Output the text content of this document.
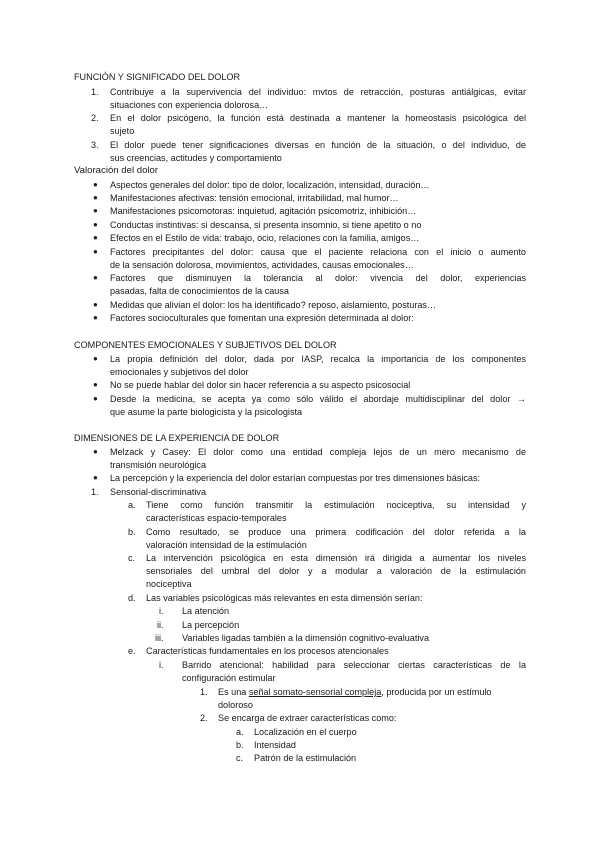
FUNCIÓN Y SIGNIFICADO DEL DOLOR
1. Contribuye a la supervivencia del individuo: mvtos de retracción, posturas antiálgicas, evitar
situaciones con experiencia dolorosa…
2. En el dolor psicógeno, la función está destinada a mantener la homeostasis psicológica del
sujeto
3. El dolor puede tener significaciones diversas en función de la situación, o del individuo, de
sus creencias, actitudes y comportamiento
Valoración del dolor
● Aspectos generales del dolor: tipo de dolor, localización, intensidad, duración…
● Manifestaciones afectivas: tensión emocional, irritabilidad, mal humor…
● Manifestaciones psicomotoras: inquietud, agitación psicomotriz, inhibición…
● Conductas instintivas: si descansa, si presenta insomnio, si tiene apetito o no
● Efectos en el Estilo de vida: trabajo, ocio, relaciones con la familia, amigos…
● Factores precipitantes del dolor: causa que el paciente relaciona con el inicio o aumento
de la sensación dolorosa, movimientos, actividades, causas emocionales…
● Factores que disminuyen la tolerancia al dolor: vivencia del dolor, experiencias
pasadas, falta de conocimientos de la causa
● Medidas que alivian el dolor: los ha identificado? reposo, aislamiento, posturas…
● Factores socioculturales que fomentan una expresión determinada al dolor:
COMPONENTES EMOCIONALES Y SUBJETIVOS DEL DOLOR
● La propia definición del dolor, dada por IASP, recalca la importancia de los componentes
emocionales y subjetivos del dolor
● No se puede hablar del dolor sin hacer referencia a su aspecto psicosocial
● Desde la medicina, se acepta ya como sólo válido el abordaje multidisciplinar del dolor →
que asume la parte biologicista y la psicologista
DIMENSIONES DE LA EXPERIENCIA DE DOLOR
● Melzack y Casey: El dolor como una entidad compleja lejos de un mero mecanismo de
transmisión neurológica
● La percepción y la experiencia del dolor estarían compuestas por tres dimensiones básicas:
1. Sensorial-discriminativa
a. Tiene como función transmitir la estimulación nociceptiva, su intensidad y
características espacio-temporales
b. Como resultado, se produce una primera codificación del dolor referida a la
valoración intensidad de la estimulación
c. La intervención psicológica en esta dimensión irá dirigida a aumentar los niveles
sensoriales del umbral del dolor y a modular a valoración de la estimulación
nociceptiva
d. Las variables psicológicas más relevantes en esta dimensión serían:
i. La atención
ii. La percepción
iii. Variables ligadas también a la dimensión cognitivo-evaluativa
e. Características fundamentales en los procesos atencionales
i. Barrido atencional: habilidad para seleccionar ciertas características de la
configuración estimular
1. Es una señal somato-sensorial compleja, producida por un estímulo
doloroso
2. Se encarga de extraer características como:
a. Localización en el cuerpo
b. Intensidad
c. Patrón de la estimulación
